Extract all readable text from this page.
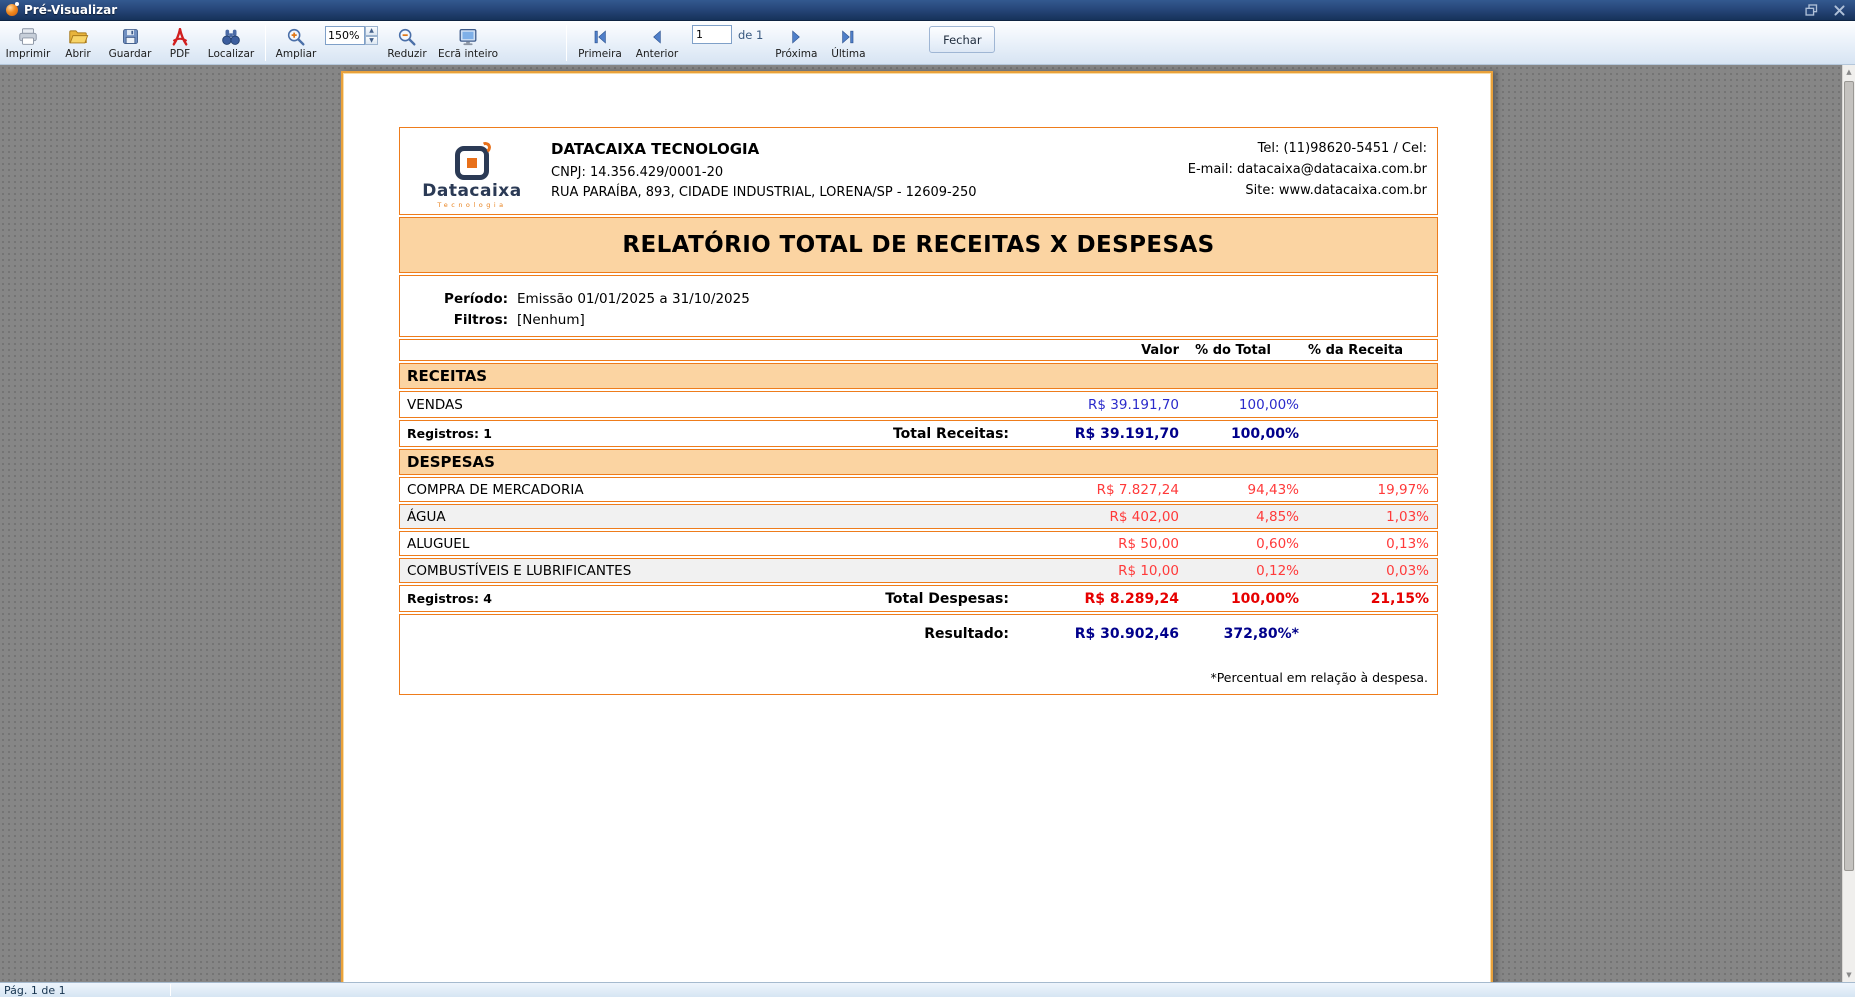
Pré-Visualizar
Imprimir Abrir Guardar PDF Localizar Ampliar
150%
▲
▼
Reduzir Ecrã inteiro	Primeira Anterior
1
de 1
Próxima Última
Fechar
Datacaixa
Tecnologia
DATACAIXA TECNOLOGIA
CNPJ: 14.356.429/0001-20
RUA PARAÍBA, 893, CIDADE INDUSTRIAL, LORENA/SP - 12609-250
Tel: (11)98620-5451 / Cel:
E-mail: datacaixa@datacaixa.com.br
Site: www.datacaixa.com.br
RELATÓRIO TOTAL DE RECEITAS X DESPESAS
Período: Emissão 01/01/2025 a 31/10/2025
Filtros: [Nenhum]
Valor	% do Total	% da Receita
RECEITAS
VENDAS	R$ 39.191,70	100,00%
Registros: 1	Total Receitas:	R$ 39.191,70	100,00%
DESPESAS
COMPRA DE MERCADORIA	R$ 7.827,24	94,43%	19,97%
ÁGUA	R$ 402,00	4,85%	1,03%
ALUGUEL	R$ 50,00	0,60%	0,13%
COMBUSTÍVEIS E LUBRIFICANTES	R$ 10,00	0,12%	0,03%
Registros: 4	Total Despesas:	R$ 8.289,24	100,00%	21,15%
Resultado:	R$ 30.902,46	372,80%*
*Percentual em relação à despesa.
▲
▼
Pág. 1 de 1
